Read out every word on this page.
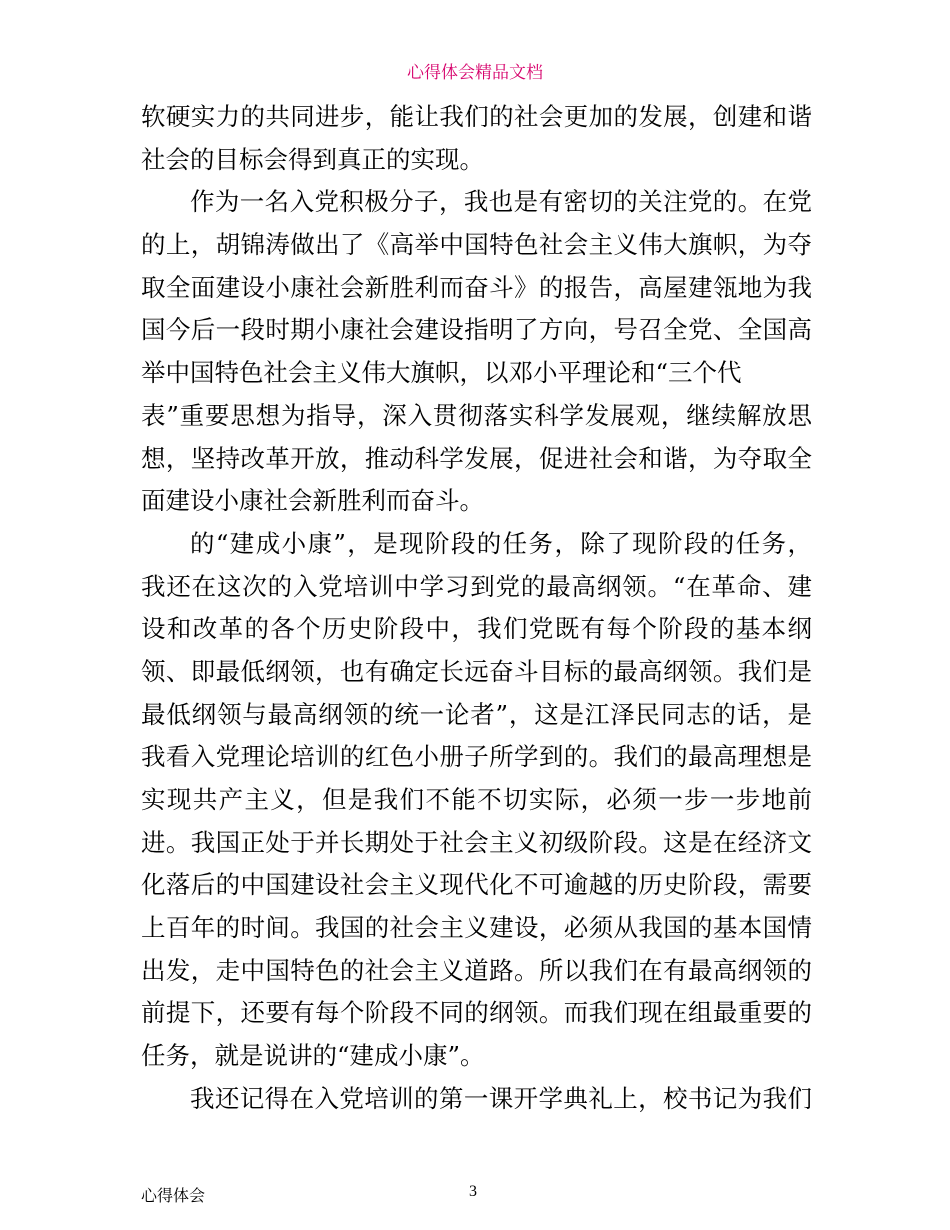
心得体会精品文档
软硬实力的共同进步，能让我们的社会更加的发展，创建和谐
社会的目标会得到真正的实现。
作为一名入党积极分子，我也是有密切的关注党的。在党
的上，胡锦涛做出了《高举中国特色社会主义伟大旗帜，为夺
取全面建设小康社会新胜利而奋斗》的报告，高屋建瓴地为我
国今后一段时期小康社会建设指明了方向，号召全党、全国高
举中国特色社会主义伟大旗帜，以邓小平理论和“三个代
表”重要思想为指导，深入贯彻落实科学发展观，继续解放思
想，坚持改革开放，推动科学发展，促进社会和谐，为夺取全
面建设小康社会新胜利而奋斗。
的“建成小康”，是现阶段的任务，除了现阶段的任务，
我还在这次的入党培训中学习到党的最高纲领。“在革命、建
设和改革的各个历史阶段中，我们党既有每个阶段的基本纲
领、即最低纲领，也有确定长远奋斗目标的最高纲领。我们是
最低纲领与最高纲领的统一论者”，这是江泽民同志的话，是
我看入党理论培训的红色小册子所学到的。我们的最高理想是
实现共产主义，但是我们不能不切实际，必须一步一步地前
进。我国正处于并长期处于社会主义初级阶段。这是在经济文
化落后的中国建设社会主义现代化不可逾越的历史阶段，需要
上百年的时间。我国的社会主义建设，必须从我国的基本国情
出发，走中国特色的社会主义道路。所以我们在有最高纲领的
前提下，还要有每个阶段不同的纲领。而我们现在组最重要的
任务，就是说讲的“建成小康”。
我还记得在入党培训的第一课开学典礼上，校书记为我们
心得体会	3
